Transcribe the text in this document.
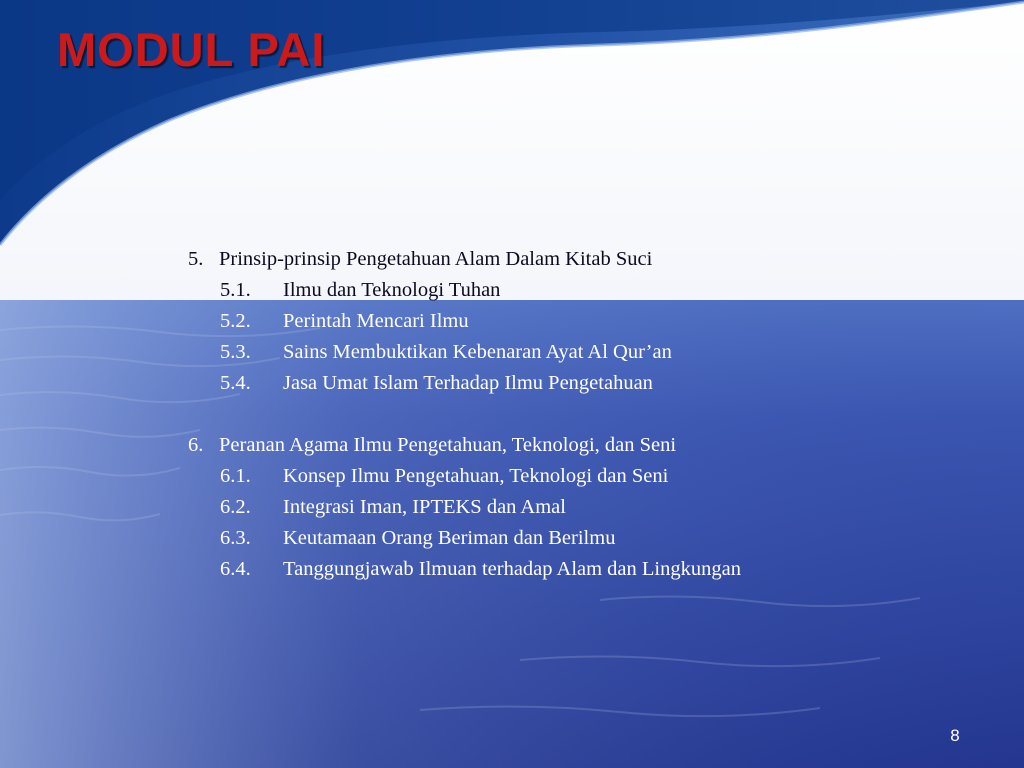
MODUL PAI
5. Prinsip-prinsip Pengetahuan Alam Dalam Kitab Suci
5.1. Ilmu dan Teknologi Tuhan
5.2. Perintah Mencari Ilmu
5.3. Sains Membuktikan Kebenaran Ayat Al Qur’an
5.4. Jasa Umat Islam Terhadap Ilmu Pengetahuan
6. Peranan Agama Ilmu Pengetahuan, Teknologi, dan Seni
6.1. Konsep Ilmu Pengetahuan, Teknologi dan Seni
6.2. Integrasi Iman, IPTEKS dan Amal
6.3. Keutamaan Orang Beriman dan Berilmu
6.4. Tanggungjawab Ilmuan terhadap Alam dan Lingkungan
8
